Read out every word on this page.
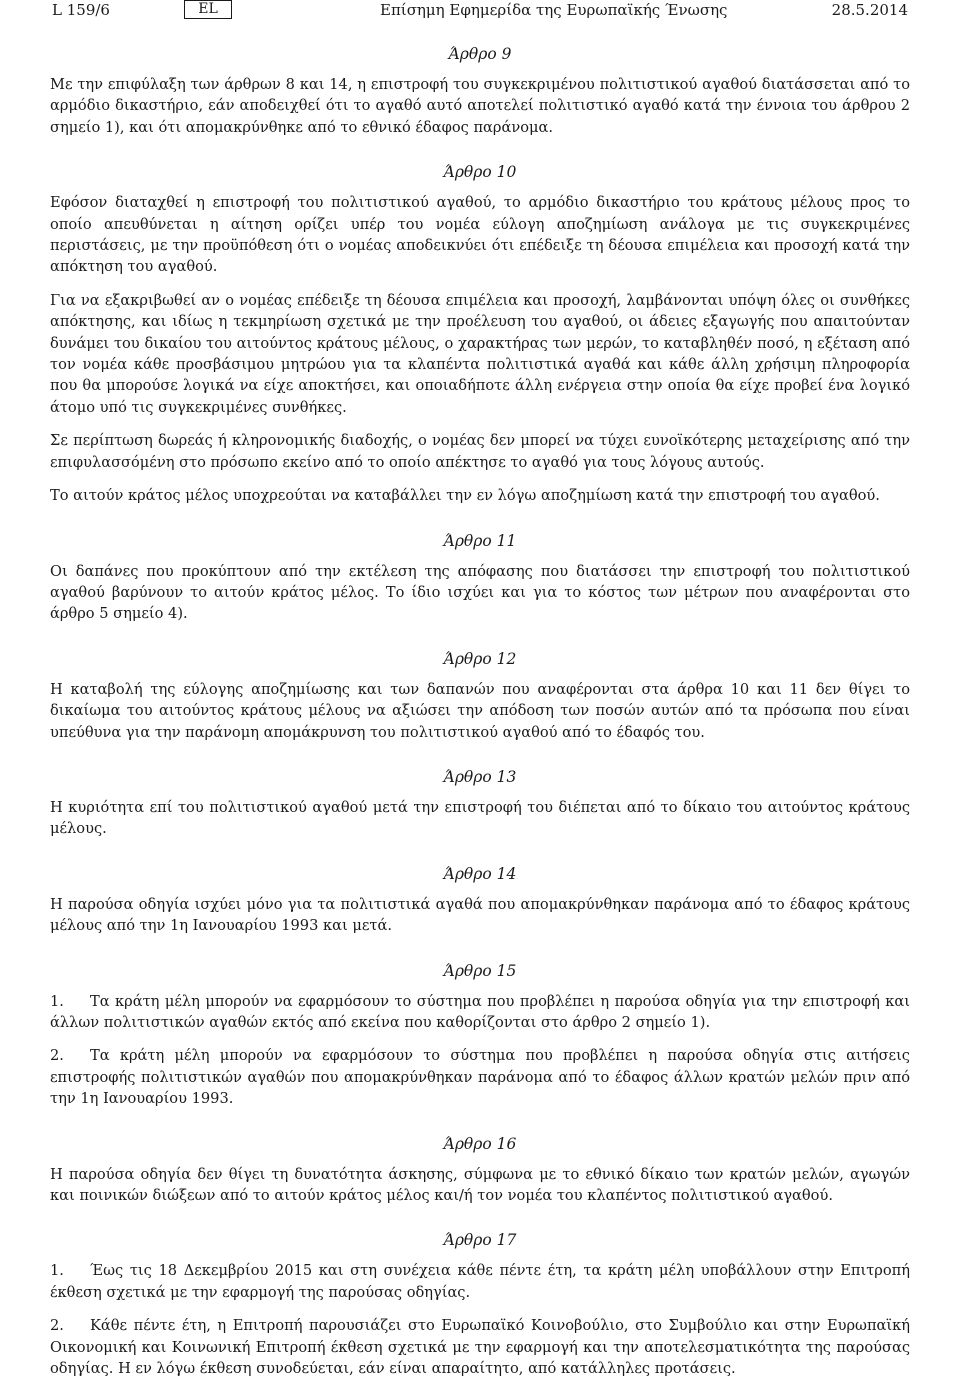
L 159/6	EL	Επίσημη Εφημερίδα της Ευρωπαϊκής Ένωσης	28.5.2014
Άρθρο 9

Με την επιφύλαξη των άρθρων 8 και 14, η επιστροφή του συγκεκριμένου πολιτιστικού αγαθού διατάσσεται από το αρμόδιο δικαστήριο, εάν αποδειχθεί ότι το αγαθό αυτό αποτελεί πολιτιστικό αγαθό κατά την έννοια του άρθρου 2 σημείο 1), και ότι απομακρύνθηκε από το εθνικό έδαφος παράνομα.

Άρθρο 10

Εφόσον διαταχθεί η επιστροφή του πολιτιστικού αγαθού, το αρμόδιο δικαστήριο του κράτους μέλους προς το οποίο απευθύνεται η αίτηση ορίζει υπέρ του νομέα εύλογη αποζημίωση ανάλογα με τις συγκεκριμένες περιστάσεις, με την προϋπόθεση ότι ο νομέας αποδεικνύει ότι επέδειξε τη δέουσα επιμέλεια και προσοχή κατά την απόκτηση του αγαθού.

Για να εξακριβωθεί αν ο νομέας επέδειξε τη δέουσα επιμέλεια και προσοχή, λαμβάνονται υπόψη όλες οι συνθήκες απόκτησης, και ιδίως η τεκμηρίωση σχετικά με την προέλευση του αγαθού, οι άδειες εξαγωγής που απαιτούνταν δυνάμει του δικαίου του αιτούντος κράτους μέλους, ο χαρακτήρας των μερών, το καταβληθέν ποσό, η εξέταση από τον νομέα κάθε προσβάσιμου μητρώου για τα κλαπέντα πολιτιστικά αγαθά και κάθε άλλη χρήσιμη πληροφορία που θα μπορούσε λογικά να είχε αποκτήσει, και οποιαδήποτε άλλη ενέργεια στην οποία θα είχε προβεί ένα λογικό άτομο υπό τις συγκεκριμένες συνθήκες.

Σε περίπτωση δωρεάς ή κληρονομικής διαδοχής, ο νομέας δεν μπορεί να τύχει ευνοϊκότερης μεταχείρισης από την επιφυλασσόμένη στο πρόσωπο εκείνο από το οποίο απέκτησε το αγαθό για τους λόγους αυτούς.

Το αιτούν κράτος μέλος υποχρεούται να καταβάλλει την εν λόγω αποζημίωση κατά την επιστροφή του αγαθού.

Άρθρο 11

Οι δαπάνες που προκύπτουν από την εκτέλεση της απόφασης που διατάσσει την επιστροφή του πολιτιστικού αγαθού βαρύνουν το αιτούν κράτος μέλος. Το ίδιο ισχύει και για το κόστος των μέτρων που αναφέρονται στο άρθρο 5 σημείο 4).

Άρθρο 12

Η καταβολή της εύλογης αποζημίωσης και των δαπανών που αναφέρονται στα άρθρα 10 και 11 δεν θίγει το δικαίωμα του αιτούντος κράτους μέλους να αξιώσει την απόδοση των ποσών αυτών από τα πρόσωπα που είναι υπεύθυνα για την παράνομη απομάκρυνση του πολιτιστικού αγαθού από το έδαφός του.

Άρθρο 13

Η κυριότητα επί του πολιτιστικού αγαθού μετά την επιστροφή του διέπεται από το δίκαιο του αιτούντος κράτους μέλους.

Άρθρο 14

Η παρούσα οδηγία ισχύει μόνο για τα πολιτιστικά αγαθά που απομακρύνθηκαν παράνομα από το έδαφος κράτους μέλους από την 1η Ιανουαρίου 1993 και μετά.

Άρθρο 15

1. Τα κράτη μέλη μπορούν να εφαρμόσουν το σύστημα που προβλέπει η παρούσα οδηγία για την επιστροφή και άλλων πολιτιστικών αγαθών εκτός από εκείνα που καθορίζονται στο άρθρο 2 σημείο 1).

2. Τα κράτη μέλη μπορούν να εφαρμόσουν το σύστημα που προβλέπει η παρούσα οδηγία στις αιτήσεις επιστροφής πολιτιστικών αγαθών που απομακρύνθηκαν παράνομα από το έδαφος άλλων κρατών μελών πριν από την 1η Ιανουαρίου 1993.

Άρθρο 16

Η παρούσα οδηγία δεν θίγει τη δυνατότητα άσκησης, σύμφωνα με το εθνικό δίκαιο των κρατών μελών, αγωγών και ποινικών διώξεων από το αιτούν κράτος μέλος και/ή τον νομέα του κλαπέντος πολιτιστικού αγαθού.

Άρθρο 17

1. Έως τις 18 Δεκεμβρίου 2015 και στη συνέχεια κάθε πέντε έτη, τα κράτη μέλη υποβάλλουν στην Επιτροπή έκθεση σχετικά με την εφαρμογή της παρούσας οδηγίας.

2. Κάθε πέντε έτη, η Επιτροπή παρουσιάζει στο Ευρωπαϊκό Κοινοβούλιο, στο Συμβούλιο και στην Ευρωπαϊκή Οικονομική και Κοινωνική Επιτροπή έκθεση σχετικά με την εφαρμογή και την αποτελεσματικότητα της παρούσας οδηγίας. Η εν λόγω έκθεση συνοδεύεται, εάν είναι απαραίτητο, από κατάλληλες προτάσεις.
